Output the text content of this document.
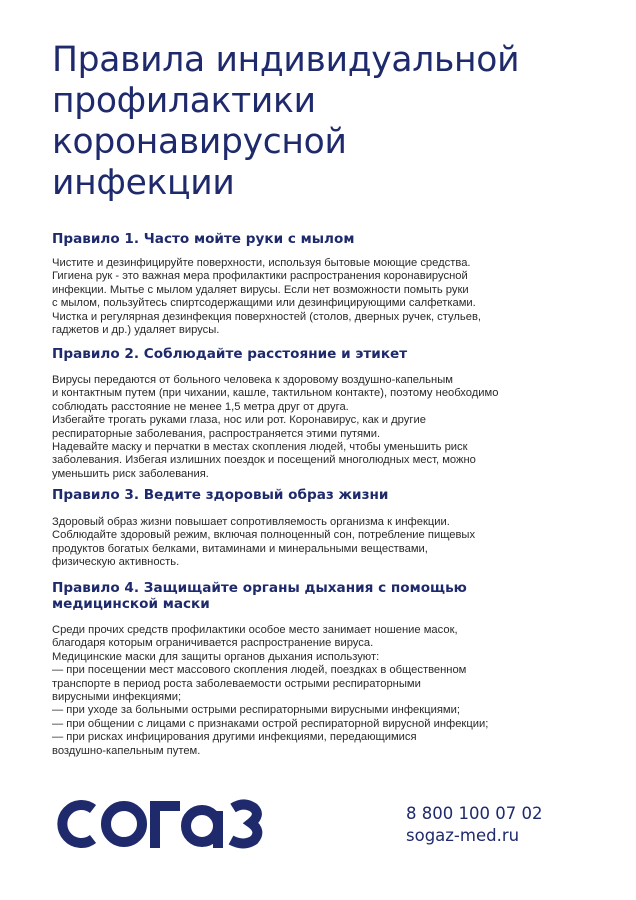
Правила индивидуальной
профилактики
коронавирусной
инфекции
Правило 1. Часто мойте руки с мылом

Чистите и дезинфицируйте поверхности, используя бытовые моющие средства.
Гигиена рук - это важная мера профилактики распространения коронавирусной
инфекции. Мытье с мылом удаляет вирусы. Если нет возможности помыть руки
с мылом, пользуйтесь спиртсодержащими или дезинфицирующими салфетками.
Чистка и регулярная дезинфекция поверхностей (столов, дверных ручек, стульев,
гаджетов и др.) удаляет вирусы.

Правило 2. Соблюдайте расстояние и этикет

Вирусы передаются от больного человека к здоровому воздушно-капельным
и контактным путем (при чихании, кашле, тактильном контакте), поэтому необходимо
соблюдать расстояние не менее 1,5 метра друг от друга.
Избегайте трогать руками глаза, нос или рот. Коронавирус, как и другие
респираторные заболевания, распространяется этими путями.
Надевайте маску и перчатки в местах скопления людей, чтобы уменьшить риск
заболевания. Избегая излишних поездок и посещений многолюдных мест, можно
уменьшить риск заболевания.

Правило 3. Ведите здоровый образ жизни

Здоровый образ жизни повышает сопротивляемость организма к инфекции.
Соблюдайте здоровый режим, включая полноценный сон, потребление пищевых
продуктов богатых белками, витаминами и минеральными веществами,
физическую активность.

Правило 4. Защищайте органы дыхания с помощью
медицинской маски

Среди прочих средств профилактики особое место занимает ношение масок,
благодаря которым ограничивается распространение вируса.
Медицинские маски для защиты органов дыхания используют:
— при посещении мест массового скопления людей, поездках в общественном
транспорте в период роста заболеваемости острыми респираторными
вирусными инфекциями;
— при уходе за больными острыми респираторными вирусными инфекциями;
— при общении с лицами с признаками острой респираторной вирусной инфекции;
— при рисках инфицирования другими инфекциями, передающимися
воздушно-капельным путем.

8 800 100 07 02
sogaz-med.ru
